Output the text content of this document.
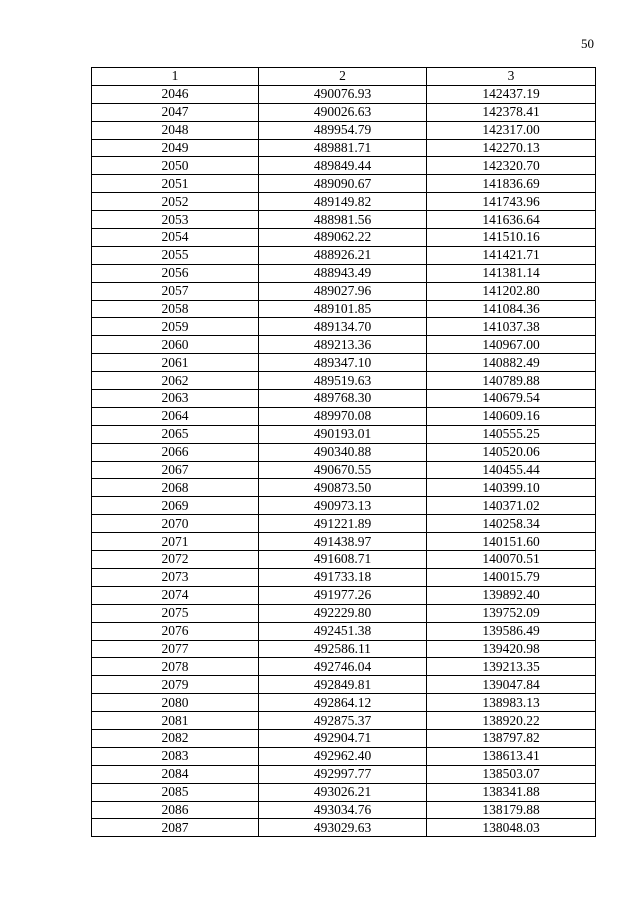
50
1	2	3
2046	490076.93	142437.19
2047	490026.63	142378.41
2048	489954.79	142317.00
2049	489881.71	142270.13
2050	489849.44	142320.70
2051	489090.67	141836.69
2052	489149.82	141743.96
2053	488981.56	141636.64
2054	489062.22	141510.16
2055	488926.21	141421.71
2056	488943.49	141381.14
2057	489027.96	141202.80
2058	489101.85	141084.36
2059	489134.70	141037.38
2060	489213.36	140967.00
2061	489347.10	140882.49
2062	489519.63	140789.88
2063	489768.30	140679.54
2064	489970.08	140609.16
2065	490193.01	140555.25
2066	490340.88	140520.06
2067	490670.55	140455.44
2068	490873.50	140399.10
2069	490973.13	140371.02
2070	491221.89	140258.34
2071	491438.97	140151.60
2072	491608.71	140070.51
2073	491733.18	140015.79
2074	491977.26	139892.40
2075	492229.80	139752.09
2076	492451.38	139586.49
2077	492586.11	139420.98
2078	492746.04	139213.35
2079	492849.81	139047.84
2080	492864.12	138983.13
2081	492875.37	138920.22
2082	492904.71	138797.82
2083	492962.40	138613.41
2084	492997.77	138503.07
2085	493026.21	138341.88
2086	493034.76	138179.88
2087	493029.63	138048.03
